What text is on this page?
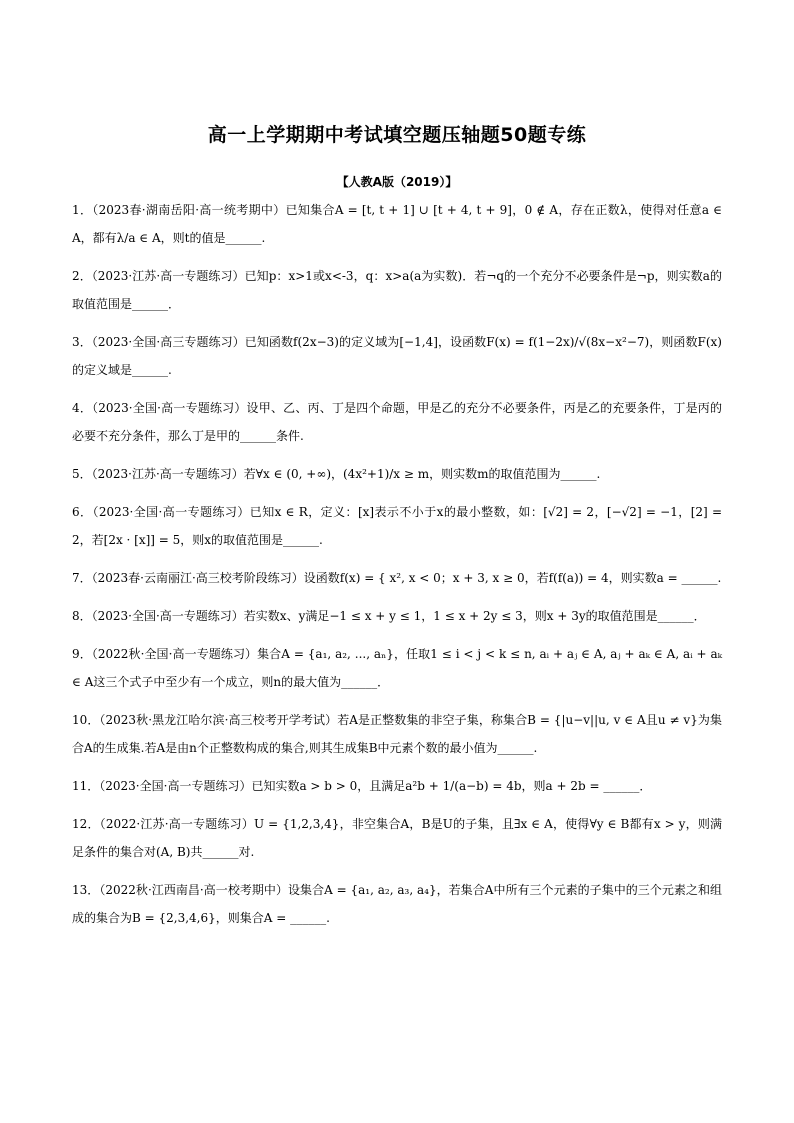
高一上学期期中考试填空题压轴题50题专练
【人教A版（2019）】
1．（2023春·湖南岳阳·高一统考期中）已知集合A = [t, t + 1] ∪ [t + 4, t + 9]，0 ∉ A，存在正数λ，使得对任意a ∈ A，都有λ/a ∈ A，则t的值是______.
2．（2023·江苏·高一专题练习）已知p：x>1或x<-3，q：x>a(a为实数)．若¬q的一个充分不必要条件是¬p，则实数a的取值范围是______．
3．（2023·全国·高三专题练习）已知函数f(2x−3)的定义域为[−1,4]，设函数F(x) = f(1−2x)/√(8x−x²−7)，则函数F(x)的定义域是______.
4．（2023·全国·高一专题练习）设甲、乙、丙、丁是四个命题，甲是乙的充分不必要条件，丙是乙的充要条件，丁是丙的必要不充分条件，那么丁是甲的______条件.
5．（2023·江苏·高一专题练习）若∀x ∈ (0, +∞)，(4x²+1)/x ≥ m，则实数m的取值范围为______.
6．（2023·全国·高一专题练习）已知x ∈ R，定义：[x]表示不小于x的最小整数，如：[√2] = 2，[−√2] = −1，[2] = 2，若[2x · [x]] = 5，则x的取值范围是______.
7．（2023春·云南丽江·高三校考阶段练习）设函数f(x) = { x², x < 0；x + 3, x ≥ 0，若f(f(a)) = 4，则实数a = ______.
8．（2023·全国·高一专题练习）若实数x、y满足−1 ≤ x + y ≤ 1，1 ≤ x + 2y ≤ 3，则x + 3y的取值范围是______．
9．（2022秋·全国·高一专题练习）集合A = {a₁, a₂, ..., aₙ}，任取1 ≤ i < j < k ≤ n, aᵢ + aⱼ ∈ A, aⱼ + aₖ ∈ A, aᵢ + aₖ ∈ A这三个式子中至少有一个成立，则n的最大值为______．
10．（2023秋·黑龙江哈尔滨·高三校考开学考试）若A是正整数集的非空子集，称集合B = {|u−v||u, v ∈ A且u ≠ v}为集合A的生成集.若A是由n个正整数构成的集合,则其生成集B中元素个数的最小值为______.
11．（2023·全国·高一专题练习）已知实数a > b > 0，且满足a²b + 1/(a−b) = 4b，则a + 2b = ______．
12．（2022·江苏·高一专题练习）U = {1,2,3,4}，非空集合A，B是U的子集，且∃x ∈ A，使得∀y ∈ B都有x > y，则满足条件的集合对(A, B)共______对.
13．（2022秋·江西南昌·高一校考期中）设集合A = {a₁, a₂, a₃, a₄}，若集合A中所有三个元素的子集中的三个元素之和组成的集合为B = {2,3,4,6}，则集合A = ______.
